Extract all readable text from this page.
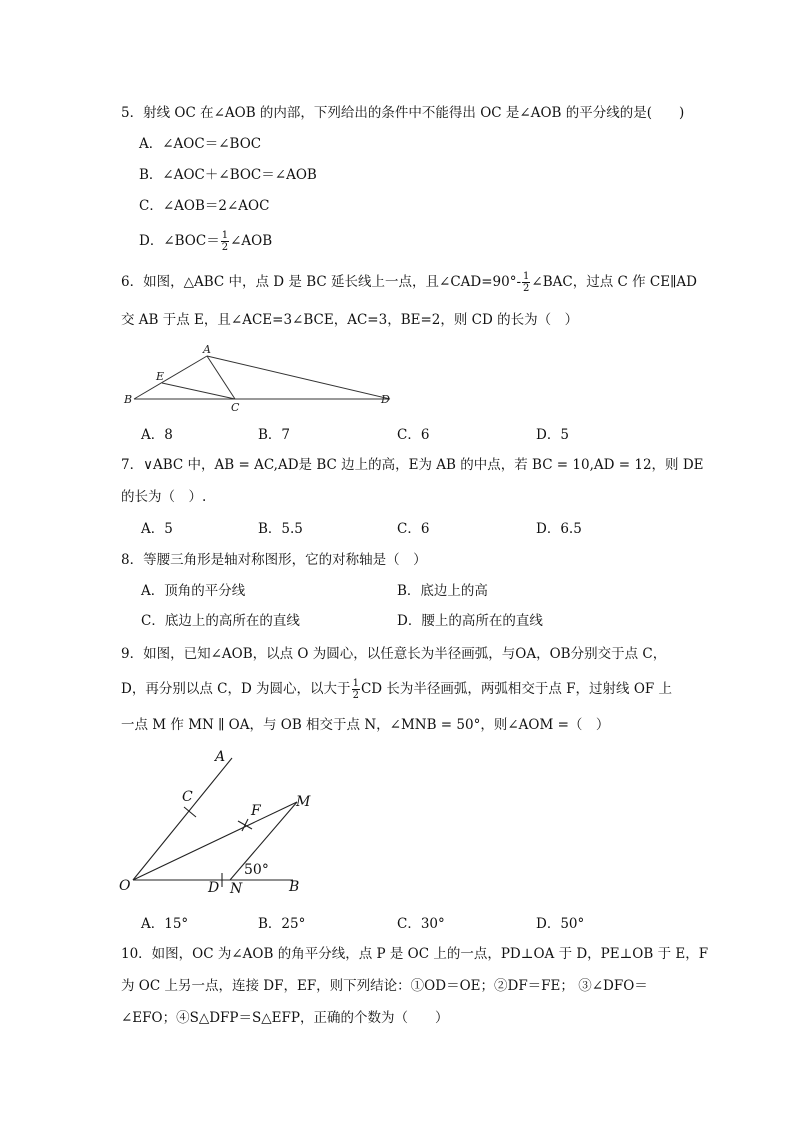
5．射线 OC 在∠AOB 的内部，下列给出的条件中不能得出 OC 是∠AOB 的平分线的是(　　)
A．∠AOC＝∠BOC
B．∠AOC＋∠BOC＝∠AOB
C．∠AOB＝2∠AOC
D．∠BOC＝ $\frac{1}{2}$ ∠AOB
6．如图，△ABC 中，点 D 是 BC 延长线上一点，且∠CAD=90°- $\frac{1}{2}$ ∠BAC，过点 C 作 CE∥AD
交 AB 于点 E，且∠ACE=3∠BCE，AC=3，BE=2，则 CD 的长为（　）
A
B
C
D
E
A．8	B．7	C．6	D．5
7．∨ABC 中，AB = AC,AD是 BC 边上的高，E为 AB 的中点，若 BC = 10,AD = 12，则 DE
的长为（　）.
A．5	B．5.5	C．6	D．6.5
8．等腰三角形是轴对称图形，它的对称轴是（　）
A．顶角的平分线	B．底边上的高
C．底边上的高所在的直线	D．腰上的高所在的直线
9．如图，已知∠AOB，以点 O 为圆心，以任意长为半径画弧，与OA，OB分别交于点 C，
D，再分别以点 C，D 为圆心，以大于 $\frac{1}{2}$ CD 长为半径画弧，两弧相交于点 F，过射线 OF 上
一点 M 作 MN ∥ OA，与 OB 相交于点 N，∠MNB = 50°，则∠AOM =（　）
A
C
F
M
O	D N	B
50°
A．15°	B．25°	C．30°	D．50°
10．如图，OC 为∠AOB 的角平分线，点 P 是 OC 上的一点，PD⊥OA 于 D，PE⊥OB 于 E，F
为 OC 上另一点，连接 DF，EF，则下列结论：①OD＝OE；②DF＝FE； ③∠DFO＝
∠EFO；④S△DFP＝S△EFP，正确的个数为（　　）
